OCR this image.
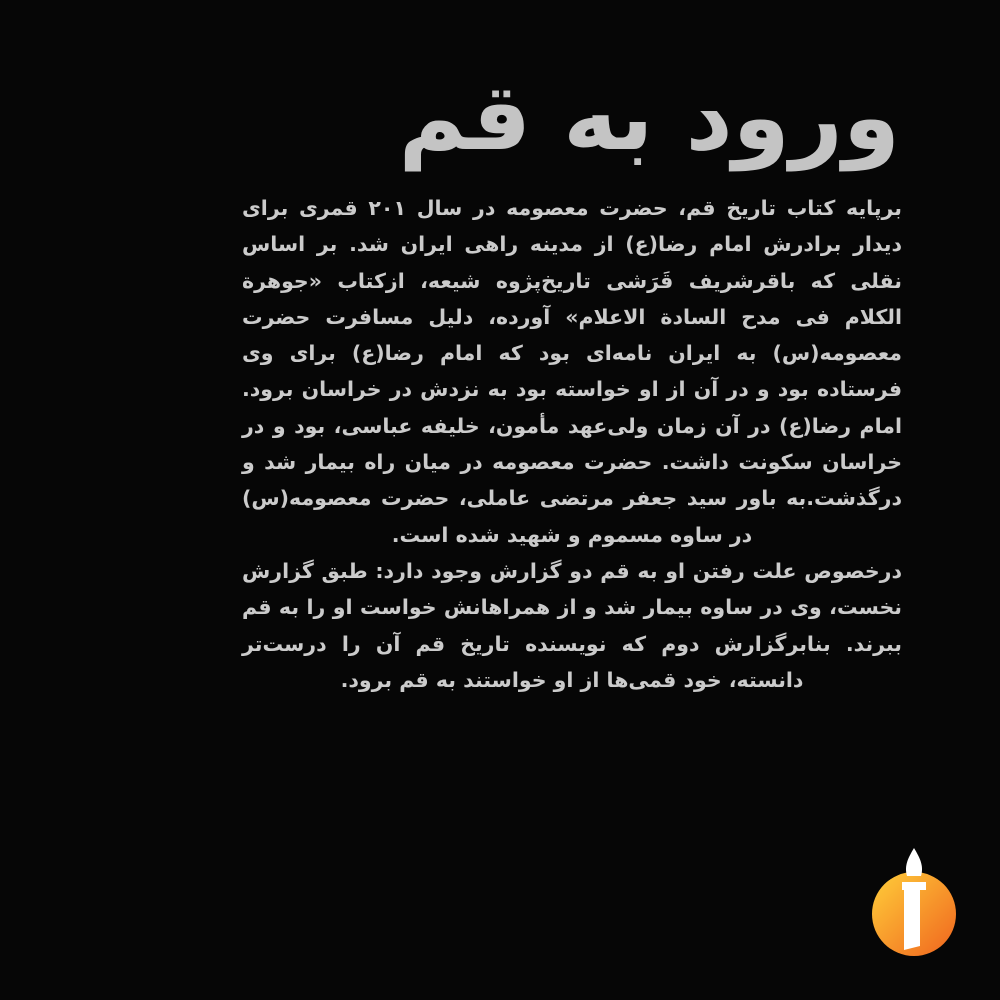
ورود به قم

برپایه کتاب تاریخ قم، حضرت معصومه در سال ۲۰۱ قمری برای دیدار برادرش امام رضا(ع) از مدینه راهی ایران شد. بر اساس نقلی که باقرشریف قَرَشی تاریخ‌پژوه شیعه، ازکتاب «جوهرة الکلام فی مدح السادة الاعلام» آورده، دلیل مسافرت حضرت معصومه(س) به ایران نامه‌ای بود که امام رضا(ع) برای وی فرستاده بود و در آن از او خواسته بود به نزدش در خراسان برود. امام رضا(ع) در آن زمان ولی‌عهد مأمون، خلیفه عباسی، بود و در خراسان سکونت داشت. حضرت معصومه در میان راه بیمار شد و درگذشت.به باور سید جعفر مرتضی عاملی، حضرت معصومه(س) در ساوه مسموم و شهید شده است.

درخصوص علت رفتن او به قم دو گزارش وجود دارد: طبق گزارش نخست، وی در ساوه بیمار شد و از همراهانش خواست او را به قم ببرند. بنابرگزارش دوم که نویسنده تاریخ قم آن را درست‌تر دانسته، خود قمی‌ها از او خواستند به قم برود.
